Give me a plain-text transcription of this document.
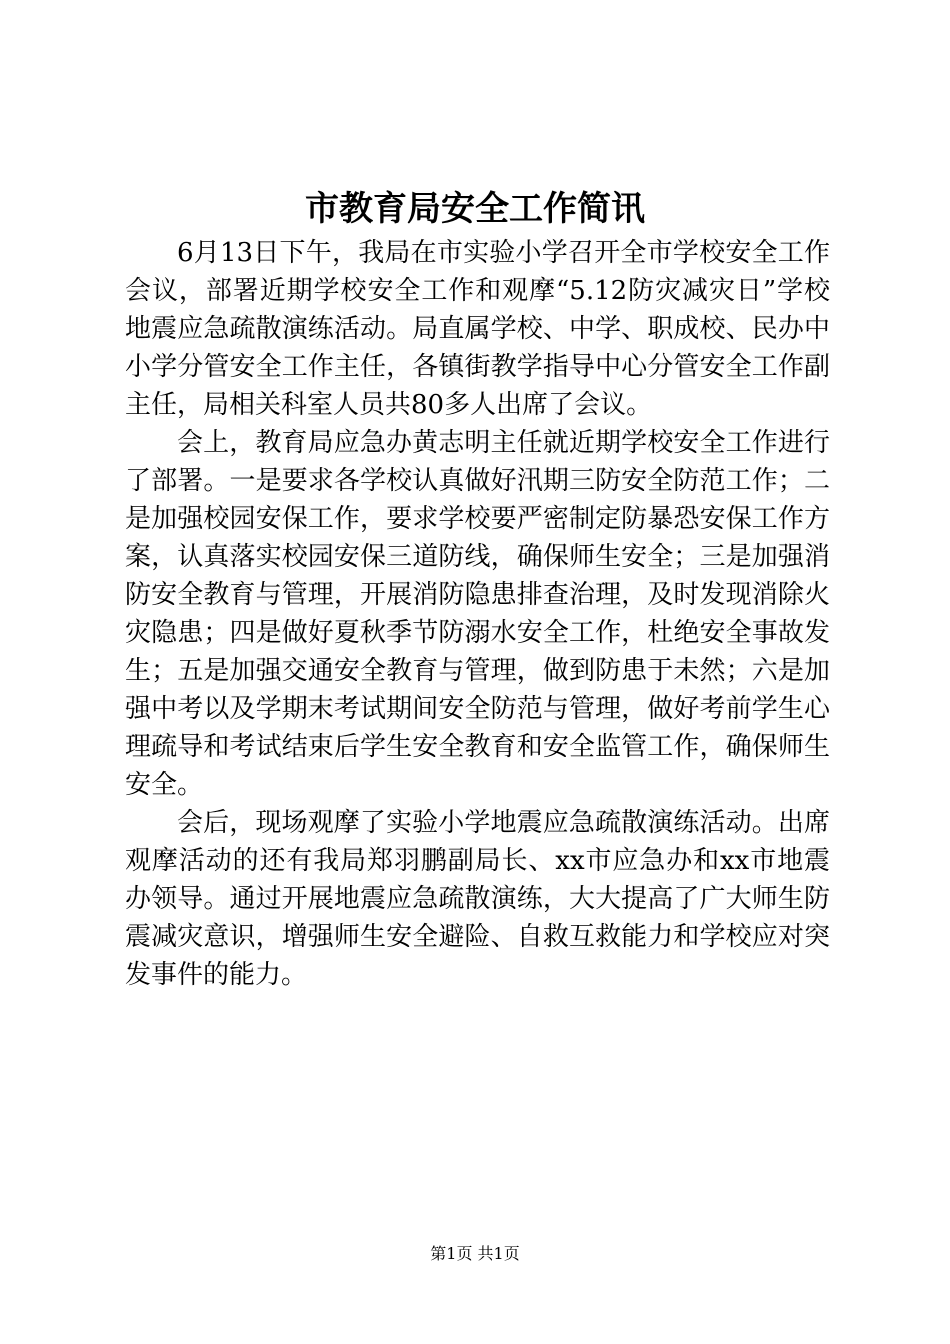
市教育局安全工作简讯

6月13日下午，我局在市实验小学召开全市学校安全工作会议，部署近期学校安全工作和观摩“5.12防灾减灾日”学校地震应急疏散演练活动。局直属学校、中学、职成校、民办中小学分管安全工作主任，各镇街教学指导中心分管安全工作副主任，局相关科室人员共80多人出席了会议。

会上，教育局应急办黄志明主任就近期学校安全工作进行了部署。一是要求各学校认真做好汛期三防安全防范工作；二是加强校园安保工作，要求学校要严密制定防暴恐安保工作方案，认真落实校园安保三道防线，确保师生安全；三是加强消防安全教育与管理，开展消防隐患排查治理，及时发现消除火灾隐患；四是做好夏秋季节防溺水安全工作，杜绝安全事故发生；五是加强交通安全教育与管理，做到防患于未然；六是加强中考以及学期末考试期间安全防范与管理，做好考前学生心理疏导和考试结束后学生安全教育和安全监管工作，确保师生安全。

会后，现场观摩了实验小学地震应急疏散演练活动。出席观摩活动的还有我局郑羽鹏副局长、xx市应急办和xx市地震办领导。通过开展地震应急疏散演练，大大提高了广大师生防震减灾意识，增强师生安全避险、自救互救能力和学校应对突发事件的能力。

第1页 共1页
